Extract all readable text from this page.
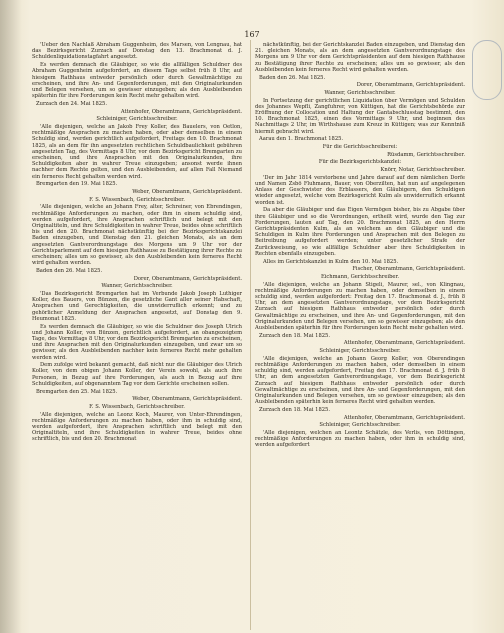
167

'Ueber den Nachlaß Abraham Guggenheim, des Marsen, von Lengnau, hat das Bezirksgericht Zurzach auf Donstag den 13. Brachmonat d. J. Schuldenliquidationstagfahrt angesetzt.

Es werden demnach die Gläubiger, so wie die allfälligen Schuldner des Abraham Guggenheim aufgefordert, an diesem Tage selbst früh 8 Uhr, auf hiesigem Rathhaus entweder persönlich oder durch Gewaltmächtige zu erscheinen, und ihre An- und Gegenforderungen, mit den Originalurkunden und Belegen versehen, um so gewisser einzugeben; als den Ausbleibenden späterhin für ihre Forderungen kein Recht mehr gehalten wird.

Zurzach den 24. Mai 1825.

Attenhofer, Oberamtmann, Gerichtspräsident.

Schleiniger, Gerichtsschreiber.

'Alle diejenigen, welche an Jakob Frey Koller, des Bauelers, von Oetlon, rechtmäßige Ansprachen zu machen haben, oder aber demselben in einem Schuldig sind, werden gerichtlich aufgefordert, Freitags den 10. Brachmonat 1825, als an dem für ihn angesetzten rechtlichen Schuldbaulichkeit gebühren angesetzten Tag, des Vormittags 8 Uhr, vor dem Bezirksgericht Bremgarten zu erscheinen, und ihre Ansprachen mit den Originalurkunden, ihre Schuldigkeiten aber in wahrer Treue einzugeben; ansonst werde ihnen nachher dem Rechte gelten, und den Ausbleibenden, auf allen Fall Niemand ein ferneres Recht gehalten werden wird.

Bremgarten den 19. Mai 1825.

Weber, Oberamtmann, Gerichtspräsident.

F. S. Wissenbach, Gerichtsschreiber.

'Alle diejenigen, welche an Johann Frey, alter, Schreiner, von Ebrendingen, rechtmäßige Anforderungen zu machen, oder ihm in einem schuldig sind, werden aufgefordert, ihre Ansprachen schriftlich und belegt mit den Originaltiteln, und ihre Schuldigkeiten in wahrer Treue, beides ohne schriftlich bis und den 20. Brachmonat nächstkünftig bei der Bezirksgerichtskanzlei Baden einzugeben, und Dienstag den 21. gleichen Monats, als an dem angesetzten Gantverordnungstage des Morgens um 9 Uhr vor der Gerichtsparlement auf dem hiesigen Rathhause zu Bestätigung ihrer Rechte zu erscheinen; alles um so gewisser, als den Ausbleibenden kein ferneres Recht wird gehalten werden.

Baden den 26. Mai 1825.

Dorer, Oberamtmann, Gerichtspräsident.

Wanner, Gerichtsschreiber.

'Das Bezirksgericht Bremgarten hat im Verbunde Jakob Joseph Luthiger Koller, des Bauers, von Bünzen, die gesetzliche Gant aller seiner Habschaft, Ansprachen und Gerechtigkeiten, die unwiderruflich erkennt; und zu gehörlicher Anmeldung der Ansprachen angesetzt, auf Donstag den 9. Heumonat 1825.

Es werden demnach die Gläubiger, so wie die Schuldner des Joseph Ulrich und Johann Koller, von Bünzen, gerichtlich aufgefordert, an obangezeigtem Tage, des Vormittags 8 Uhr, vor dem Bezirksgericht Bremgarten zu erscheinen, und ihre Ansprachen mit den Originalurkunden einzugeben, und zwar um so gewisser, als den Ausbleibenden nachher kein ferneres Recht mehr gehalten werden wird.

Dem zufolge wird bekannt gemacht, daß nicht nur die Gläubiger des Ulrich Koller, von dem obigen Johann Koller, der Verein sowohl, als auch ihre Personen, in Bezug auf ihre Forderungen, als auch in Bezug auf ihre Schuldigkeiten, auf obgenanntem Tag vor dem Gerichte erscheinen sollen.

Bremgarten den 25. Mai 1825.

Weber, Oberamtmann, Gerichtspräsident.

F. S. Wissenbach, Gerichtsschreiber.

'Alle diejenigen, welche an Leonz Koch, Maurer, von Unter-Ehrendingen, rechtmäßige Anforderungen zu machen haben, oder ihm in schuldig sind, werden aufgefordert, ihre Ansprachen schriftlich und belegt mit den Originaltiteln, und ihre Schuldigkeiten in wahrer Treue, beides ohne schriftlich, bis und den 20. Brachmonat

nächstkünftig, bei der Gerichtskanzlei Baden einzugeben, und Dienstag den 21. gleichen Monats, als an dem angesetzten Gantverordnungstage des Morgens um 9 Uhr vor dem Gerichtspräsidenten auf dem hiesigen Rathhause zu Bestätigung ihrer Rechte zu erscheinen; alles um so gewisser, als den Ausbleibenden kein ferneres Recht wird gehalten werden.

Baden den 26. Mai 1825.

Dorer, Oberamtmann, Gerichtspräsident.

Wanner, Gerichtsschreiber.

In Fortsetzung der gerichtlichen Liquidation über Vermögen und Schulden des Johannes Wepfli, Zangfuhrer, von Küttigen, hat die Gerichtsbehörde zur Eröffnung der Collocation und Haltung der Gantabschlusstag bestimmt, den 10. Brachmonat 1825, einen des Vormittags 9 Uhr, und beginnen des Nachmittags 2 Uhr, im Wirthshause zum Kreuz in Küttigen; was zur Kenntniß hiermit gebracht wird.

Aarau den 1. Brachmonat 1825.

Für die Gerichtsschreiberei:

Rüsdamm, Gerichtsschreiber.

Für die Bezirksgerichtskanzlei:

Knörr, Notar, Gerichtsschreiber.

'Der im Jahr 1814 verstorbene und Jahre darauf auf dem nämlichen Dorfe und Namen Zsbö Fluhmann, Bauer, von Oberzilten, hat nun auf angelegenen Anlass der Geschwister des Erblassers, den Gläubigern, den Schuldigen wieder angesetzt, welche vom Bezirksgericht Kulm als unwiderruflich erkannt worden ist.

Da aber die Gläubiger und das Eigen Vermögen bisher, bis zu Abgabe über ihre Gläubiger und so die Verordnungen, ertheilt wird, wurde den Tag zur Forderungen, lauten auf Tag, den 20. Brachmonat 1825, an den Herrn Gerichtspräsidenten Kulm, als an welchem an den Gläubiger und die Schuldigen in Kulm ihre Forderungen und Ansprachen mit den Belegen zu Beitreibung aufgefordert werden; unter gesetzlicher Strafe der Zurückweisung, so wie allfällige Schuldner aber ihre Schuldigkeiten in Rechten ebenfalls einzugeben.

Alles im Gerichtskanzlei in Kulm den 10. Mai 1825.

Fischer, Oberamtmann, Gerichtspräsident.

Eichmann, Gerichtsschreiber.

'Alle diejenigen, welche an Johann Stigeli, Maurer, sel., von Klingnau, rechtmäßige Anforderungen zu machen haben, oder demselben in einem schuldig sind, werden aufgefordert: Freitag den 17. Brachmonat d. J., früh 8 Uhr, an dem angesetzten Gantverordnungstage, vor dem Bezirksgericht Zurzach auf hiesigem Rathhaus entweder persönlich oder durch Gewaltmächtige zu erscheinen, und ihre An- und Gegenforderungen, mit den Originalurkunden und Belegen versehen, um so gewisser einzugeben; als den Ausbleibenden späterhin für ihre Forderungen kein Recht mehr gehalten wird.

Zurzach den 18. Mai 1825.

Attenhofer, Oberamtmann, Gerichtspräsident.

Schleiniger, Gerichtsschreiber.

'Alle diejenigen, welche an Johann Georg Koller, von Oberendingen rechtmäßige Anforderungen zu machen haben, oder demselben in einem schuldig sind, werden aufgefordert, Freitag den 17. Brachmonat d. J. früh 8 Uhr, an dem angesetzten Gantverordnungstage, vor dem Bezirksgericht Zurzach auf hiesigem Rathhaus entweder persönlich oder durch Gewaltmächtige zu erscheinen, und ihre An- und Gegenforderungen, mit den Originalurkunden und Belegen versehen, um so gewisser einzugeben; als den Ausbleibenden späterhin kein ferneres Recht wird gehalten werden.

Zurzach den 18. Mai 1825.

Attenhofer, Oberamtmann, Gerichtspräsident.

Schleiniger, Gerichtsschreiber.

'Alle diejenigen, welchen an Leontz Schätzle, des Verlis, von Döttingen, rechtmäßige Anforderungen zu machen haben, oder ihm in schuldig sind, werden aufgefordert
